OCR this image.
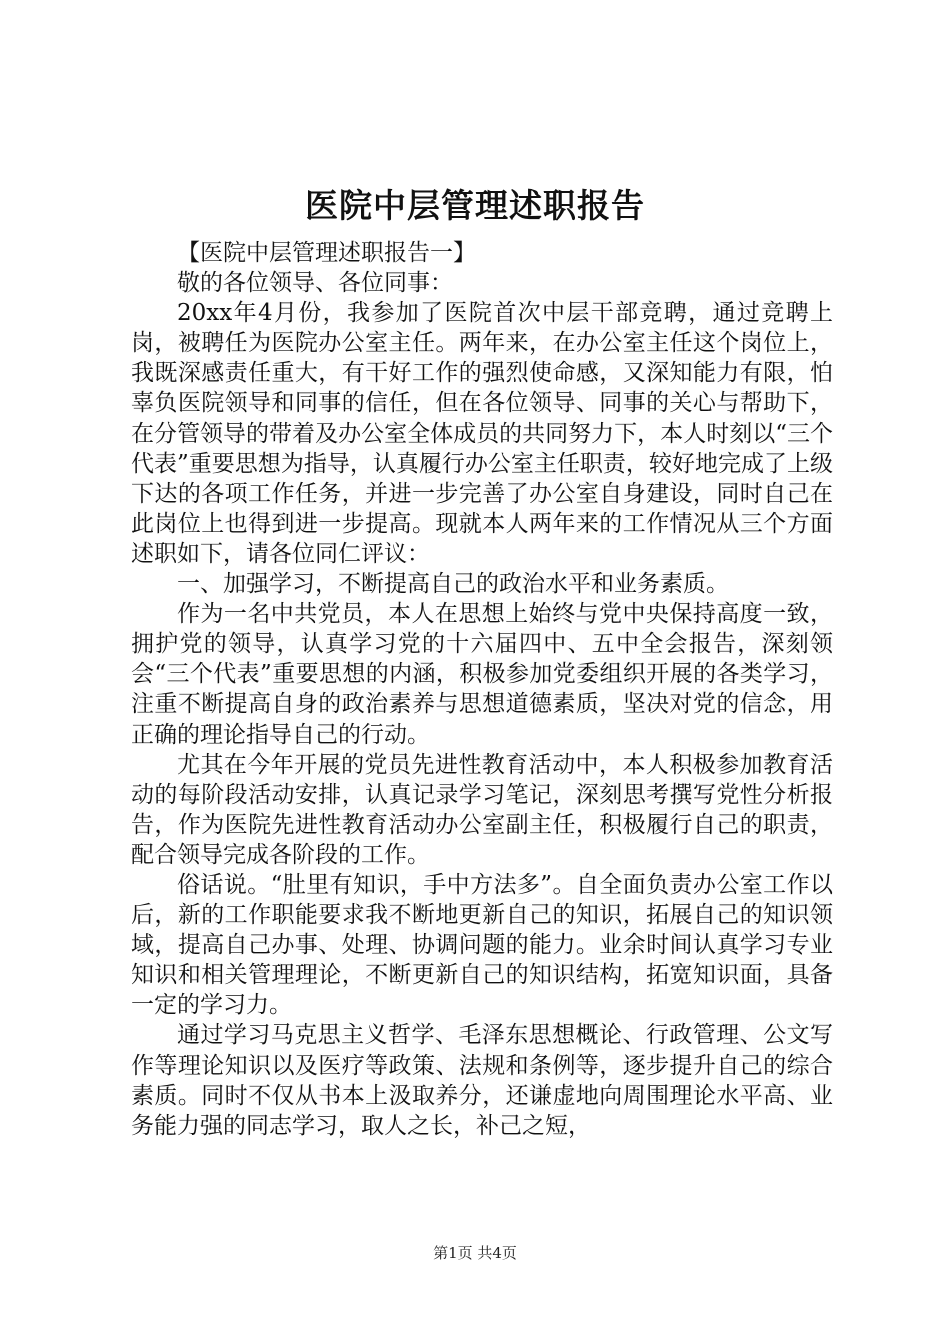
医院中层管理述职报告

【医院中层管理述职报告一】

敬的各位领导、各位同事：

20xx年4月份，我参加了医院首次中层干部竞聘，通过竞聘上岗，被聘任为医院办公室主任。两年来，在办公室主任这个岗位上，我既深感责任重大，有干好工作的强烈使命感，又深知能力有限，怕辜负医院领导和同事的信任，但在各位领导、同事的关心与帮助下，在分管领导的带着及办公室全体成员的共同努力下，本人时刻以“三个代表”重要思想为指导，认真履行办公室主任职责，较好地完成了上级下达的各项工作任务，并进一步完善了办公室自身建设，同时自己在此岗位上也得到进一步提高。现就本人两年来的工作情况从三个方面述职如下，请各位同仁评议：

一、加强学习，不断提高自己的政治水平和业务素质。

作为一名中共党员，本人在思想上始终与党中央保持高度一致，拥护党的领导，认真学习党的十六届四中、五中全会报告，深刻领会“三个代表”重要思想的内涵，积极参加党委组织开展的各类学习，注重不断提高自身的政治素养与思想道德素质，坚决对党的信念，用正确的理论指导自己的行动。

尤其在今年开展的党员先进性教育活动中，本人积极参加教育活动的每阶段活动安排，认真记录学习笔记，深刻思考撰写党性分析报告，作为医院先进性教育活动办公室副主任，积极履行自己的职责，配合领导完成各阶段的工作。

俗话说。“肚里有知识，手中方法多”。自全面负责办公室工作以后，新的工作职能要求我不断地更新自己的知识，拓展自己的知识领域，提高自己办事、处理、协调问题的能力。业余时间认真学习专业知识和相关管理理论，不断更新自己的知识结构，拓宽知识面，具备一定的学习力。

通过学习马克思主义哲学、毛泽东思想概论、行政管理、公文写作等理论知识以及医疗等政策、法规和条例等，逐步提升自己的综合素质。同时不仅从书本上汲取养分，还谦虚地向周围理论水平高、业务能力强的同志学习，取人之长，补己之短，

第1页 共4页
